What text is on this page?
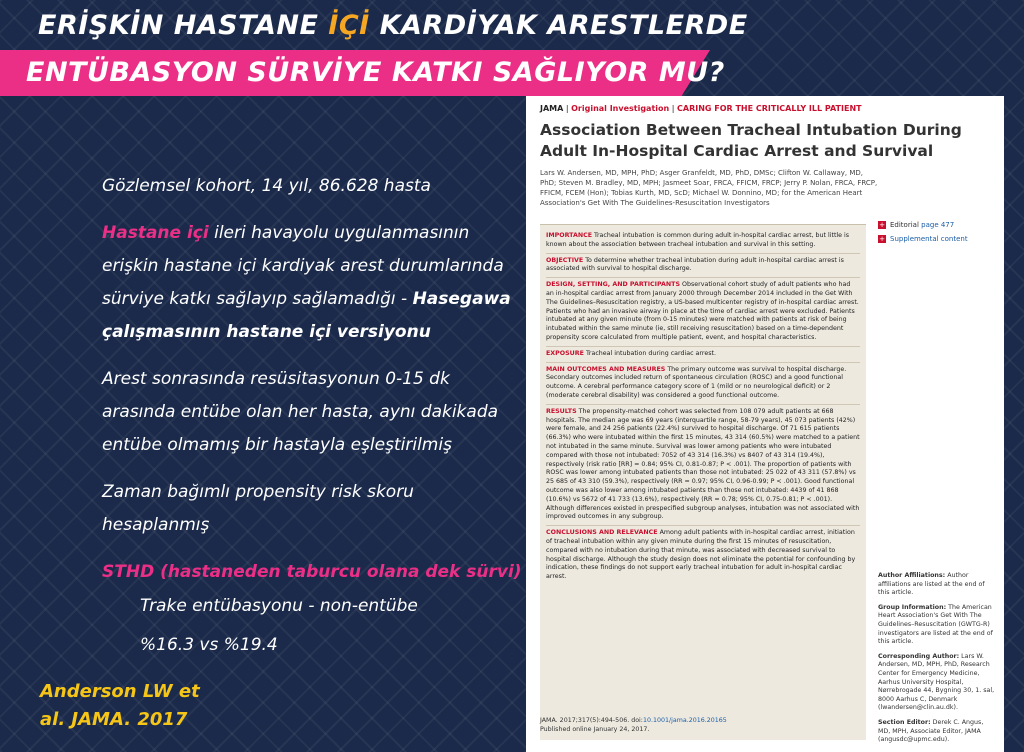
ERİŞKİN HASTANE İÇİ KARDİYAK ARESTLERDE
ENTÜBASYON SÜRVİYE KATKI SAĞLIYOR MU?

Gözlemsel kohort, 14 yıl, 86.628 hasta

Hastane içi ileri havayolu uygulanmasının erişkin hastane içi kardiyak arest durumlarında sürviye katkı sağlayıp sağlamadığı - Hasegawa çalışmasının hastane içi versiyonu

Arest sonrasında resüsitasyonun 0-15 dk arasında entübe olan her hasta, aynı dakikada entübe olmamış bir hastayla eşleştirilmiş

Zaman bağımlı propensity risk skoru hesaplanmış

STHD (hastaneden taburcu olana dek sürvi)

Trake entübasyonu - non-entübe
%16.3 vs %19.4
Anderson LW et
al. JAMA. 2017
JAMA | Original Investigation | CARING FOR THE CRITICALLY ILL PATIENT
Association Between Tracheal Intubation During Adult In-Hospital Cardiac Arrest and Survival
Lars W. Andersen, MD, MPH, PhD; Asger Granfeldt, MD, PhD, DMSc; Clifton W. Callaway, MD, PhD; Steven M. Bradley, MD, MPH; Jasmeet Soar, FRCA, FFICM, FRCP; Jerry P. Nolan, FRCA, FRCP, FFICM, FCEM (Hon); Tobias Kurth, MD, ScD; Michael W. Donnino, MD; for the American Heart Association's Get With The Guidelines-Resuscitation Investigators
+ Editorial page 477
+ Supplemental content
IMPORTANCE Tracheal intubation is common during adult in-hospital cardiac arrest, but little is known about the association between tracheal intubation and survival in this setting.
OBJECTIVE To determine whether tracheal intubation during adult in-hospital cardiac arrest is associated with survival to hospital discharge.
DESIGN, SETTING, AND PARTICIPANTS Observational cohort study of adult patients who had an in-hospital cardiac arrest from January 2000 through December 2014 included in the Get With The Guidelines–Resuscitation registry, a US-based multicenter registry of in-hospital cardiac arrest. Patients who had an invasive airway in place at the time of cardiac arrest were excluded. Patients intubated at any given minute (from 0-15 minutes) were matched with patients at risk of being intubated within the same minute (ie, still receiving resuscitation) based on a time-dependent propensity score calculated from multiple patient, event, and hospital characteristics.
EXPOSURE Tracheal intubation during cardiac arrest.
MAIN OUTCOMES AND MEASURES The primary outcome was survival to hospital discharge. Secondary outcomes included return of spontaneous circulation (ROSC) and a good functional outcome. A cerebral performance category score of 1 (mild or no neurological deficit) or 2 (moderate cerebral disability) was considered a good functional outcome.
RESULTS The propensity-matched cohort was selected from 108 079 adult patients at 668 hospitals. The median age was 69 years (interquartile range, 58-79 years), 45 073 patients (42%) were female, and 24 256 patients (22.4%) survived to hospital discharge. Of 71 615 patients (66.3%) who were intubated within the first 15 minutes, 43 314 (60.5%) were matched to a patient not intubated in the same minute. Survival was lower among patients who were intubated compared with those not intubated: 7052 of 43 314 (16.3%) vs 8407 of 43 314 (19.4%), respectively (risk ratio [RR] = 0.84; 95% CI, 0.81-0.87; P < .001). The proportion of patients with ROSC was lower among intubated patients than those not intubated: 25 022 of 43 311 (57.8%) vs 25 685 of 43 310 (59.3%), respectively (RR = 0.97; 95% CI, 0.96-0.99; P < .001). Good functional outcome was also lower among intubated patients than those not intubated: 4439 of 41 868 (10.6%) vs 5672 of 41 733 (13.6%), respectively (RR = 0.78; 95% CI, 0.75-0.81; P < .001). Although differences existed in prespecified subgroup analyses, intubation was not associated with improved outcomes in any subgroup.
CONCLUSIONS AND RELEVANCE Among adult patients with in-hospital cardiac arrest, initiation of tracheal intubation within any given minute during the first 15 minutes of resuscitation, compared with no intubation during that minute, was associated with decreased survival to hospital discharge. Although the study design does not eliminate the potential for confounding by indication, these findings do not support early tracheal intubation for adult in-hospital cardiac arrest.
JAMA. 2017;317(5):494-506. doi:10.1001/jama.2016.20165
Published online January 24, 2017.
Author Affiliations: Author affiliations are listed at the end of this article.
Group Information: The American Heart Association's Get With The Guidelines–Resuscitation (GWTG-R) investigators are listed at the end of this article.
Corresponding Author: Lars W. Andersen, MD, MPH, PhD, Research Center for Emergency Medicine, Aarhus University Hospital, Nørrebrogade 44, Bygning 30, 1. sal, 8000 Aarhus C, Denmark (lwandersen@clin.au.dk).
Section Editor: Derek C. Angus, MD, MPH, Associate Editor, JAMA (angusdc@upmc.edu).
